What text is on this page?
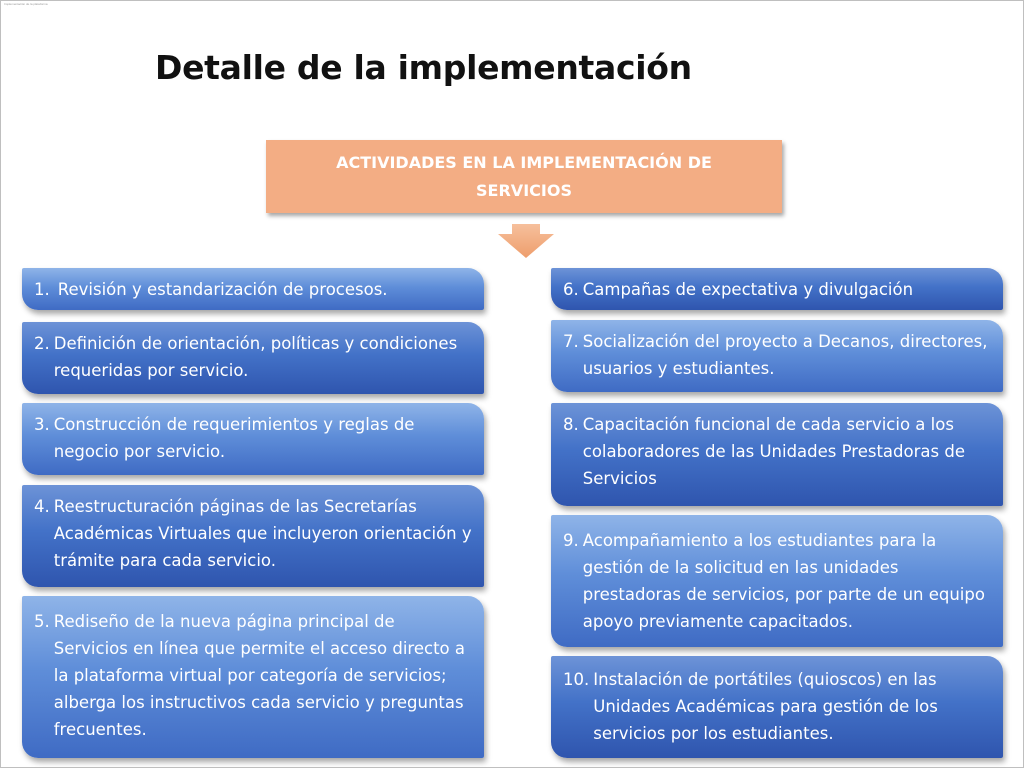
Implementación de la plataforma
Detalle de la implementación
ACTIVIDADES EN LA IMPLEMENTACIÓN DE SERVICIOS
1. Revisión y estandarización de procesos.
2. Definición de orientación, políticas y condiciones requeridas por servicio.
3. Construcción de requerimientos y reglas de negocio por servicio.
4. Reestructuración páginas de las Secretarías Académicas Virtuales que incluyeron orientación y trámite para cada servicio.
5. Rediseño de la nueva página principal de Servicios en línea que permite el acceso directo a la plataforma virtual por categoría de servicios; alberga los instructivos cada servicio y preguntas frecuentes.
6. Campañas de expectativa y divulgación
7. Socialización del proyecto a Decanos, directores, usuarios y estudiantes.
8. Capacitación funcional de cada servicio a los colaboradores de las Unidades Prestadoras de Servicios
9. Acompañamiento a los estudiantes para la gestión de la solicitud en las unidades prestadoras de servicios, por parte de un equipo apoyo previamente capacitados.
10. Instalación de portátiles (quioscos) en las Unidades Académicas para gestión de los servicios por los estudiantes.
